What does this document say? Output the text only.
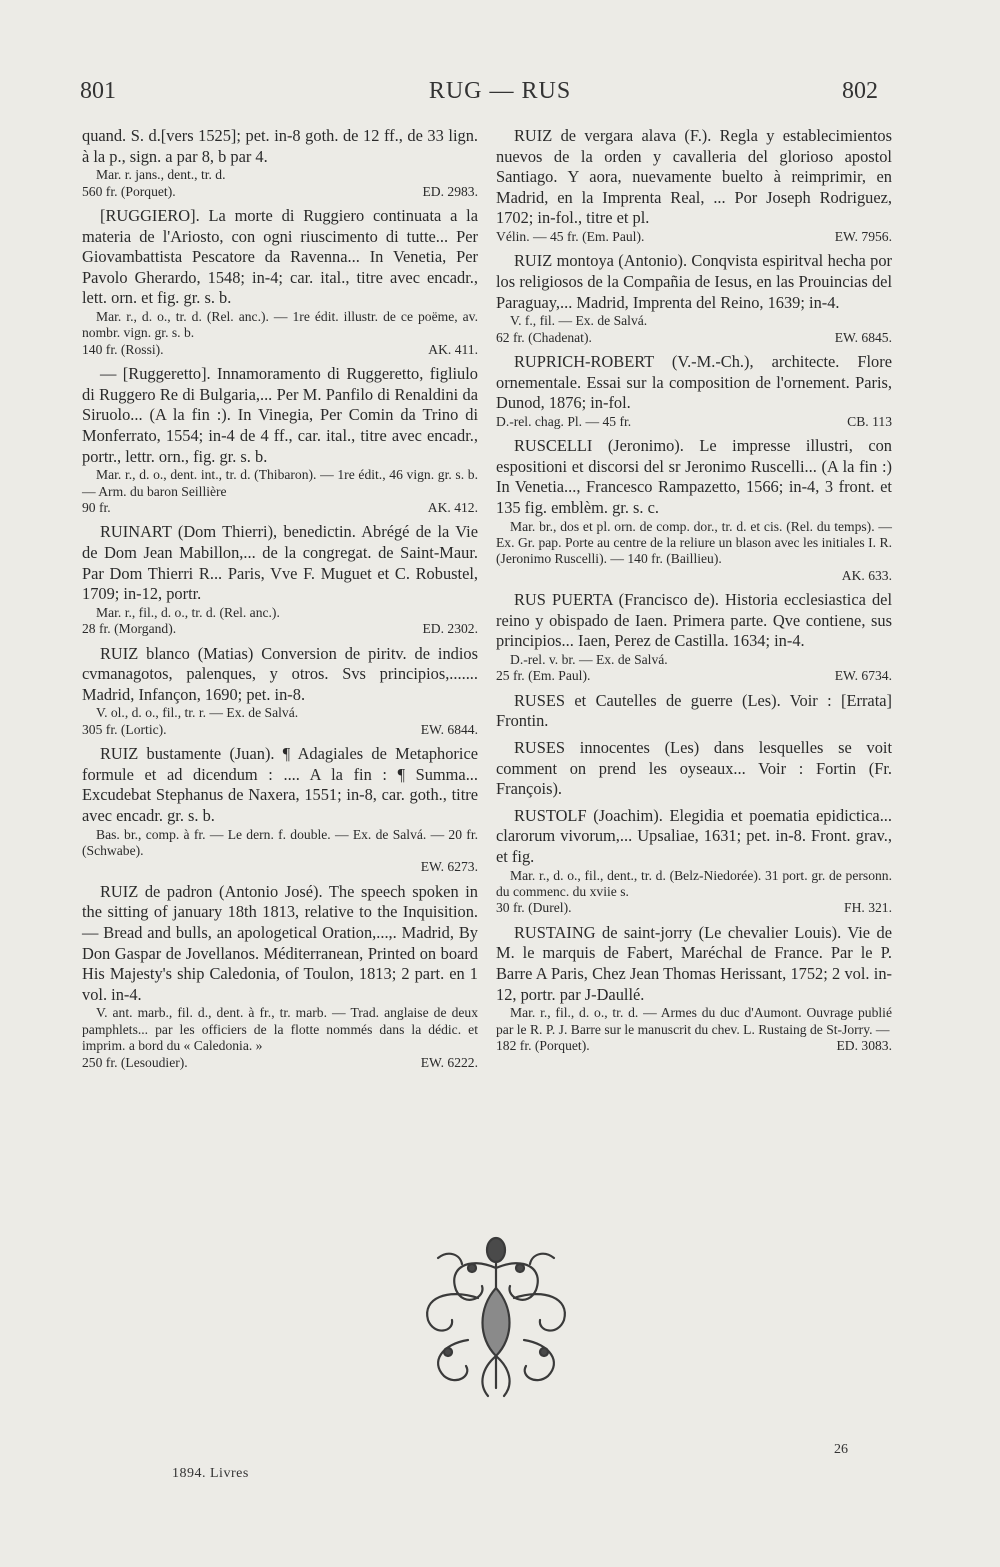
801	RUG — RUS	802

quand. S. d.[vers 1525]; pet. in-8 goth. de 12 ff., de 33 lign. à la p., sign. a par 8, b par 4.

Mar. r. jans., dent., tr. d.

560 fr. (Porquet).	ED. 2983.

[RUGGIERO]. La morte di Ruggiero continuata a la materia de l'Ariosto, con ogni riuscimento di tutte... Per Giovambattista Pescatore da Ravenna... In Venetia, Per Pavolo Gherardo, 1548; in-4; car. ital., titre avec encadr., lett. orn. et fig. gr. s. b.

Mar. r., d. o., tr. d. (Rel. anc.). — 1re édit. illustr. de ce poëme, av. nombr. vign. gr. s. b.

140 fr. (Rossi).	AK. 411.

— [Ruggeretto]. Innamoramento di Ruggeretto, figliulo di Ruggero Re di Bulgaria,... Per M. Panfilo di Renaldini da Siruolo... (A la fin :). In Vinegia, Per Comin da Trino di Monferrato, 1554; in-4 de 4 ff., car. ital., titre avec encadr., portr., lettr. orn., fig. gr. s. b.

Mar. r., d. o., dent. int., tr. d. (Thibaron). — 1re édit., 46 vign. gr. s. b. — Arm. du baron Seillière

90 fr.	AK. 412.

RUINART (Dom Thierri), benedictin. Abrégé de la Vie de Dom Jean Mabillon,... de la congregat. de Saint-Maur. Par Dom Thierri R... Paris, Vve F. Muguet et C. Robustel, 1709; in-12, portr.

Mar. r., fil., d. o., tr. d. (Rel. anc.).

28 fr. (Morgand).	ED. 2302.

RUIZ blanco (Matias) Conversion de piritv. de indios cvmanagotos, palenques, y otros. Svs principios,....... Madrid, Infançon, 1690; pet. in-8.

V. ol., d. o., fil., tr. r. — Ex. de Salvá.

305 fr. (Lortic).	EW. 6844.

RUIZ bustamente (Juan). ¶ Adagiales de Metaphorice formule et ad dicendum : .... A la fin : ¶ Summa... Excudebat Stephanus de Naxera, 1551; in-8, car. goth., titre avec encadr. gr. s. b.

Bas. br., comp. à fr. — Le dern. f. double. — Ex. de Salvá. — 20 fr. (Schwabe).

EW. 6273.

RUIZ de padron (Antonio José). The speech spoken in the sitting of january 18th 1813, relative to the Inquisition. — Bread and bulls, an apologetical Oration,...,. Madrid, By Don Gaspar de Jovellanos. Méditerranean, Printed on board His Majesty's ship Caledonia, of Toulon, 1813; 2 part. en 1 vol. in-4.

V. ant. marb., fil. d., dent. à fr., tr. marb. — Trad. anglaise de deux pamphlets... par les officiers de la flotte nommés dans la dédic. et imprim. a bord du « Caledonia. »

250 fr. (Lesoudier).	EW. 6222.

RUIZ de vergara alava (F.). Regla y establecimientos nuevos de la orden y cavalleria del glorioso apostol Santiago. Y aora, nuevamente buelto à reimprimir, en Madrid, en la Imprenta Real, ... Por Joseph Rodriguez, 1702; in-fol., titre et pl.

Vélin. — 45 fr. (Em. Paul).	EW. 7956.

RUIZ montoya (Antonio). Conqvista espiritval hecha por los religiosos de la Compañia de Iesus, en las Prouincias del Paraguay,... Madrid, Imprenta del Reino, 1639; in-4.

V. f., fil. — Ex. de Salvá.

62 fr. (Chadenat).	EW. 6845.

RUPRICH-ROBERT (V.-M.-Ch.), architecte. Flore ornementale. Essai sur la composition de l'ornement. Paris, Dunod, 1876; in-fol.

D.-rel. chag. Pl. — 45 fr.	CB. 113

RUSCELLI (Jeronimo). Le impresse illustri, con espositioni et discorsi del sr Jeronimo Ruscelli... (A la fin :) In Venetia..., Francesco Rampazetto, 1566; in-4, 3 front. et 135 fig. emblèm. gr. s. c.

Mar. br., dos et pl. orn. de comp. dor., tr. d. et cis. (Rel. du temps). — Ex. Gr. pap. Porte au centre de la reliure un blason avec les initiales I. R. (Jeronimo Ruscelli). — 140 fr. (Baillieu).

AK. 633.

RUS PUERTA (Francisco de). Historia ecclesiastica del reino y obispado de Iaen. Primera parte. Qve contiene, sus principios... Iaen, Perez de Castilla. 1634; in-4.

D.-rel. v. br. — Ex. de Salvá.

25 fr. (Em. Paul).	EW. 6734.

RUSES et Cautelles de guerre (Les). Voir : [Errata] Frontin.

RUSES innocentes (Les) dans lesquelles se voit comment on prend les oyseaux... Voir : Fortin (Fr. François).

RUSTOLF (Joachim). Elegidia et poematia epidictica... clarorum vivorum,... Upsaliae, 1631; pet. in-8. Front. grav., et fig.

Mar. r., d. o., fil., dent., tr. d. (Belz-Niedorée). 31 port. gr. de personn. du commenc. du xviie s.

30 fr. (Durel).	FH. 321.

RUSTAING de saint-jorry (Le chevalier Louis). Vie de M. le marquis de Fabert, Maréchal de France. Par le P. Barre A Paris, Chez Jean Thomas Herissant, 1752; 2 vol. in-12, portr. par J-Daullé.

Mar. r., fil., d. o., tr. d. — Armes du duc d'Aumont. Ouvrage publié par le R. P. J. Barre sur le manuscrit du chev. L. Rustaing de St-Jorry. —

182 fr. (Porquet).	ED. 3083.
1894. Livres
26
